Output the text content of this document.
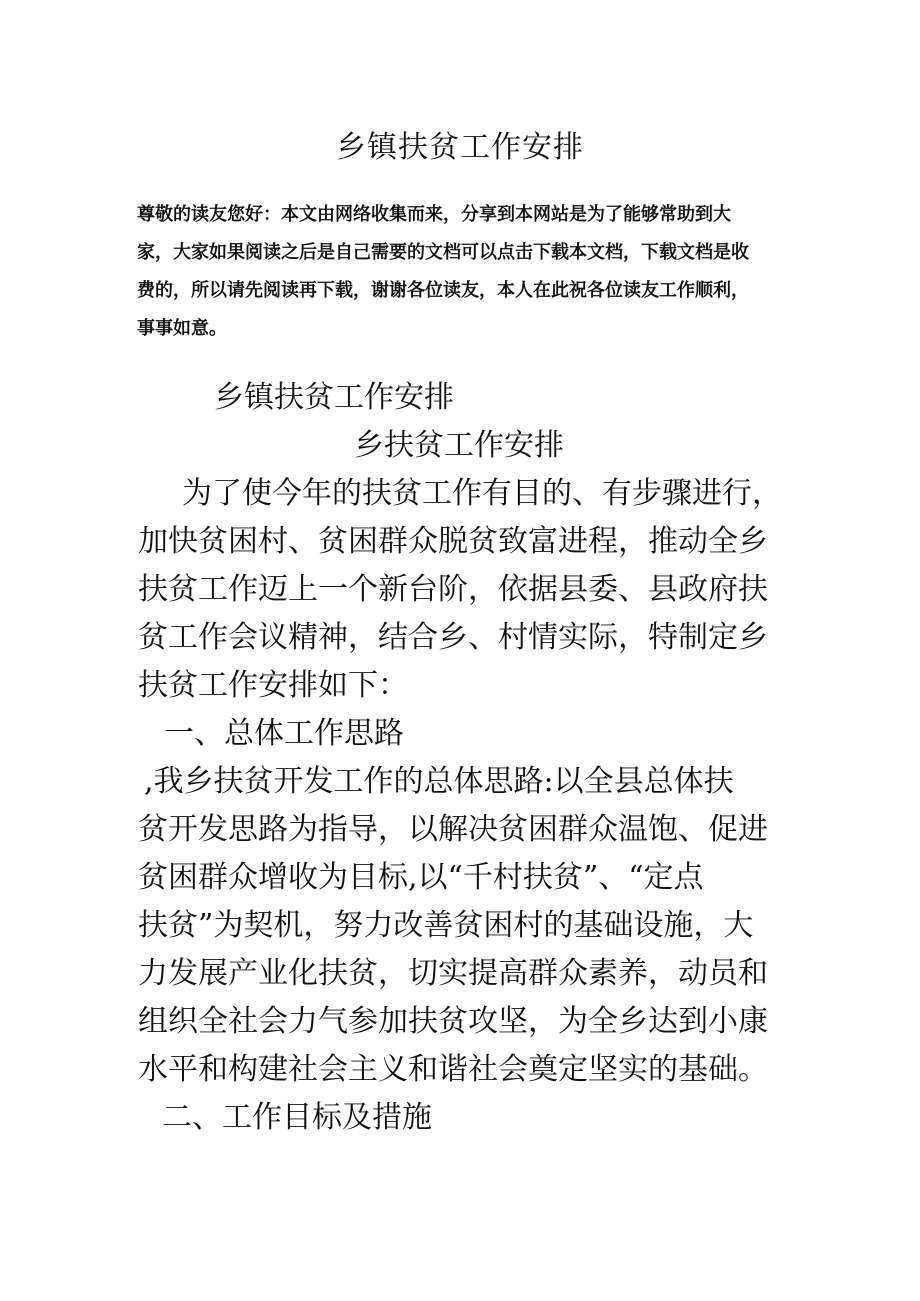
乡镇扶贫工作安排
尊敬的读友您好：本文由网络收集而来，分享到本网站是为了能够常助到大
家，大家如果阅读之后是自己需要的文档可以点击下载本文档，下载文档是收
费的，所以请先阅读再下载，谢谢各位读友，本人在此祝各位读友工作顺利，
事事如意。
乡镇扶贫工作安排
乡扶贫工作安排
为了使今年的扶贫工作有目的、有步骤进行，
加快贫困村、贫困群众脱贫致富进程，推动全乡
扶贫工作迈上一个新台阶，依据县委、县政府扶
贫工作会议精神，结合乡、村情实际，特制定乡
扶贫工作安排如下：
一、总体工作思路
,我乡扶贫开发工作的总体思路:以全县总体扶
贫开发思路为指导，以解决贫困群众温饱、促进
贫困群众增收为目标,以“千村扶贫”、“定点
扶贫”为契机，努力改善贫困村的基础设施，大
力发展产业化扶贫，切实提高群众素养，动员和
组织全社会力气参加扶贫攻坚，为全乡达到小康
水平和构建社会主义和谐社会奠定坚实的基础。
二、工作目标及措施
